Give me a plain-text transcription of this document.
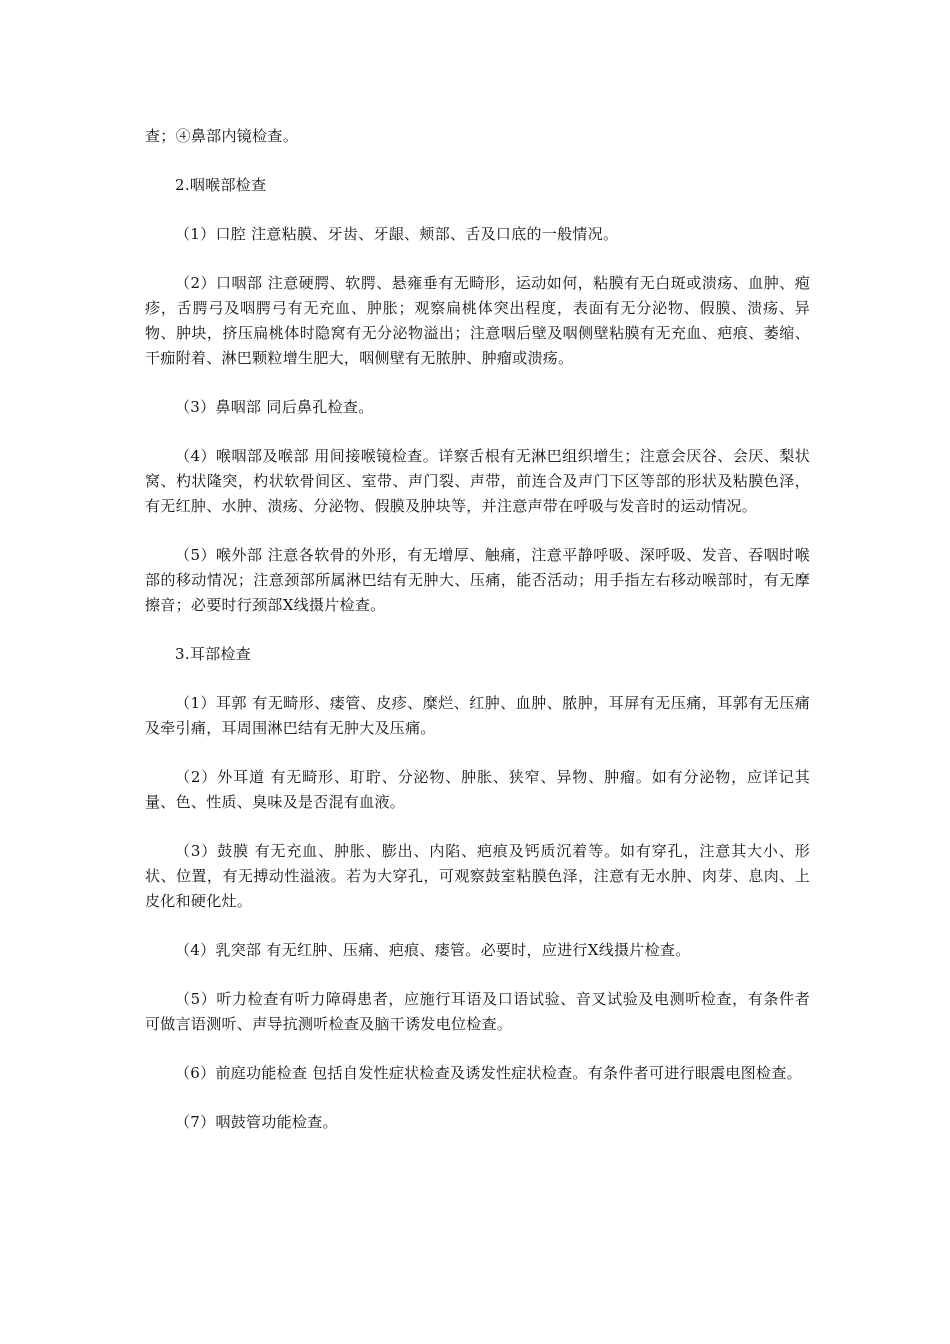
查；④鼻部内镜检查。

2.咽喉部检查

（1）口腔 注意粘膜、牙齿、牙龈、颊部、舌及口底的一般情况。

（2）口咽部 注意硬腭、软腭、悬雍垂有无畸形，运动如何，粘膜有无白斑或溃疡、血肿、疱疹，舌腭弓及咽腭弓有无充血、肿胀；观察扁桃体突出程度，表面有无分泌物、假膜、溃疡、异物、肿块，挤压扁桃体时隐窝有无分泌物溢出；注意咽后壁及咽侧壁粘膜有无充血、疤痕、萎缩、干痂附着、淋巴颗粒增生肥大，咽侧壁有无脓肿、肿瘤或溃疡。

（3）鼻咽部 同后鼻孔检查。

（4）喉咽部及喉部 用间接喉镜检查。详察舌根有无淋巴组织增生；注意会厌谷、会厌、梨状窝、杓状隆突，杓状软骨间区、室带、声门裂、声带，前连合及声门下区等部的形状及粘膜色泽，有无红肿、水肿、溃疡、分泌物、假膜及肿块等，并注意声带在呼吸与发音时的运动情况。

（5）喉外部 注意各软骨的外形，有无增厚、触痛，注意平静呼吸、深呼吸、发音、吞咽时喉部的移动情况；注意颈部所属淋巴结有无肿大、压痛，能否活动；用手指左右移动喉部时，有无摩擦音；必要时行颈部X线摄片检查。

3.耳部检查

（1）耳郭 有无畸形、瘘管、皮疹、糜烂、红肿、血肿、脓肿，耳屏有无压痛，耳郭有无压痛及牵引痛，耳周围淋巴结有无肿大及压痛。

（2）外耳道 有无畸形、耵聍、分泌物、肿胀、狭窄、异物、肿瘤。如有分泌物，应详记其量、色、性质、臭味及是否混有血液。

（3）鼓膜 有无充血、肿胀、膨出、内陷、疤痕及钙质沉着等。如有穿孔，注意其大小、形状、位置，有无搏动性溢液。若为大穿孔，可观察鼓室粘膜色泽，注意有无水肿、肉芽、息肉、上皮化和硬化灶。

（4）乳突部 有无红肿、压痛、疤痕、瘘管。必要时，应进行X线摄片检查。

（5）听力检查有听力障碍患者，应施行耳语及口语试验、音叉试验及电测听检查，有条件者可做言语测听、声导抗测听检查及脑干诱发电位检查。

（6）前庭功能检查 包括自发性症状检查及诱发性症状检查。有条件者可进行眼震电图检查。

（7）咽鼓管功能检查。
